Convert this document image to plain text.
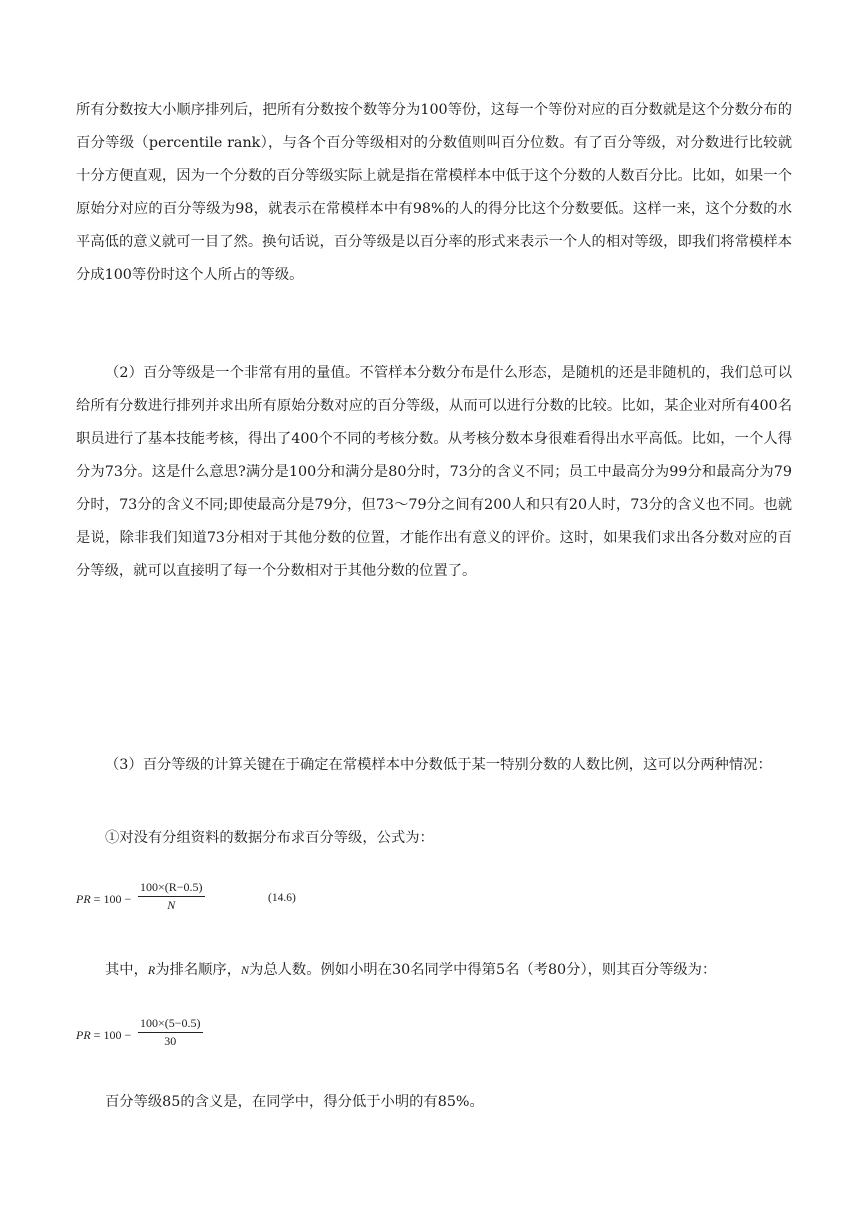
所有分数按大小顺序排列后，把所有分数按个数等分为100等份，这每一个等份对应的百分数就是这个分数分布的百分等级（percentile rank），与各个百分等级相对的分数值则叫百分位数。有了百分等级，对分数进行比较就十分方便直观，因为一个分数的百分等级实际上就是指在常模样本中低于这个分数的人数百分比。比如，如果一个原始分对应的百分等级为98，就表示在常模样本中有98%的人的得分比这个分数要低。这样一来，这个分数的水平高低的意义就可一目了然。换句话说，百分等级是以百分率的形式来表示一个人的相对等级，即我们将常模样本分成100等份时这个人所占的等级。

（2）百分等级是一个非常有用的量值。不管样本分数分布是什么形态，是随机的还是非随机的，我们总可以给所有分数进行排列并求出所有原始分数对应的百分等级，从而可以进行分数的比较。比如，某企业对所有400名职员进行了基本技能考核，得出了400个不同的考核分数。从考核分数本身很难看得出水平高低。比如，一个人得分为73分。这是什么意思?满分是100分和满分是80分时，73分的含义不同；员工中最高分为99分和最高分为79分时，73分的含义不同;即使最高分是79分，但73～79分之间有200人和只有20人时，73分的含义也不同。也就是说，除非我们知道73分相对于其他分数的位置，才能作出有意义的评价。这时，如果我们求出各分数对应的百分等级，就可以直接明了每一个分数相对于其他分数的位置了。

（3）百分等级的计算关键在于确定在常模样本中分数低于某一特别分数的人数比例，这可以分两种情况：

①对没有分组资料的数据分布求百分等级，公式为：

PR = $100 - \frac{100\times(R-0.5)}{N}$	(14.6)

其中，R为排名顺序，N为总人数。例如小明在30名同学中得第5名（考80分），则其百分等级为：

PR = $100 - \frac{100\times(5-0.5)}{30}$

百分等级85的含义是，在同学中，得分低于小明的有85%。
